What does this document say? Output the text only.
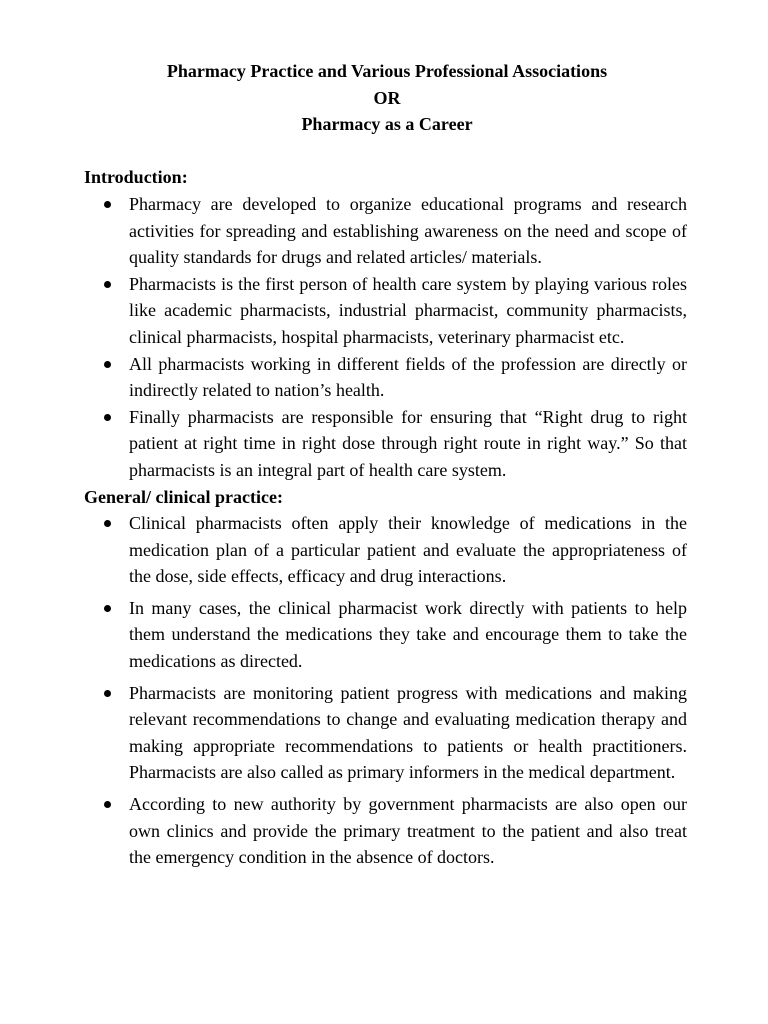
Pharmacy Practice and Various Professional Associations
OR
Pharmacy as a Career
Introduction:
Pharmacy are developed to organize educational programs and research activities for spreading and establishing awareness on the need and scope of quality standards for drugs and related articles/ materials.
Pharmacists is the first person of health care system by playing various roles like academic pharmacists, industrial pharmacist, community pharmacists, clinical pharmacists, hospital pharmacists, veterinary pharmacist etc.
All pharmacists working in different fields of the profession are directly or indirectly related to nation’s health.
Finally pharmacists are responsible for ensuring that “Right drug to right patient at right time in right dose through right route in right way.” So that pharmacists is an integral part of health care system.
General/ clinical practice:
Clinical pharmacists often apply their knowledge of medications in the medication plan of a particular patient and evaluate the appropriateness of the dose, side effects, efficacy and drug interactions.
In many cases, the clinical pharmacist work directly with patients to help them understand the medications they take and encourage them to take the medications as directed.
Pharmacists are monitoring patient progress with medications and making relevant recommendations to change and evaluating medication therapy and making appropriate recommendations to patients or health practitioners. Pharmacists are also called as primary informers in the medical department.
According to new authority by government pharmacists are also open our own clinics and provide the primary treatment to the patient and also treat the emergency condition in the absence of doctors.
